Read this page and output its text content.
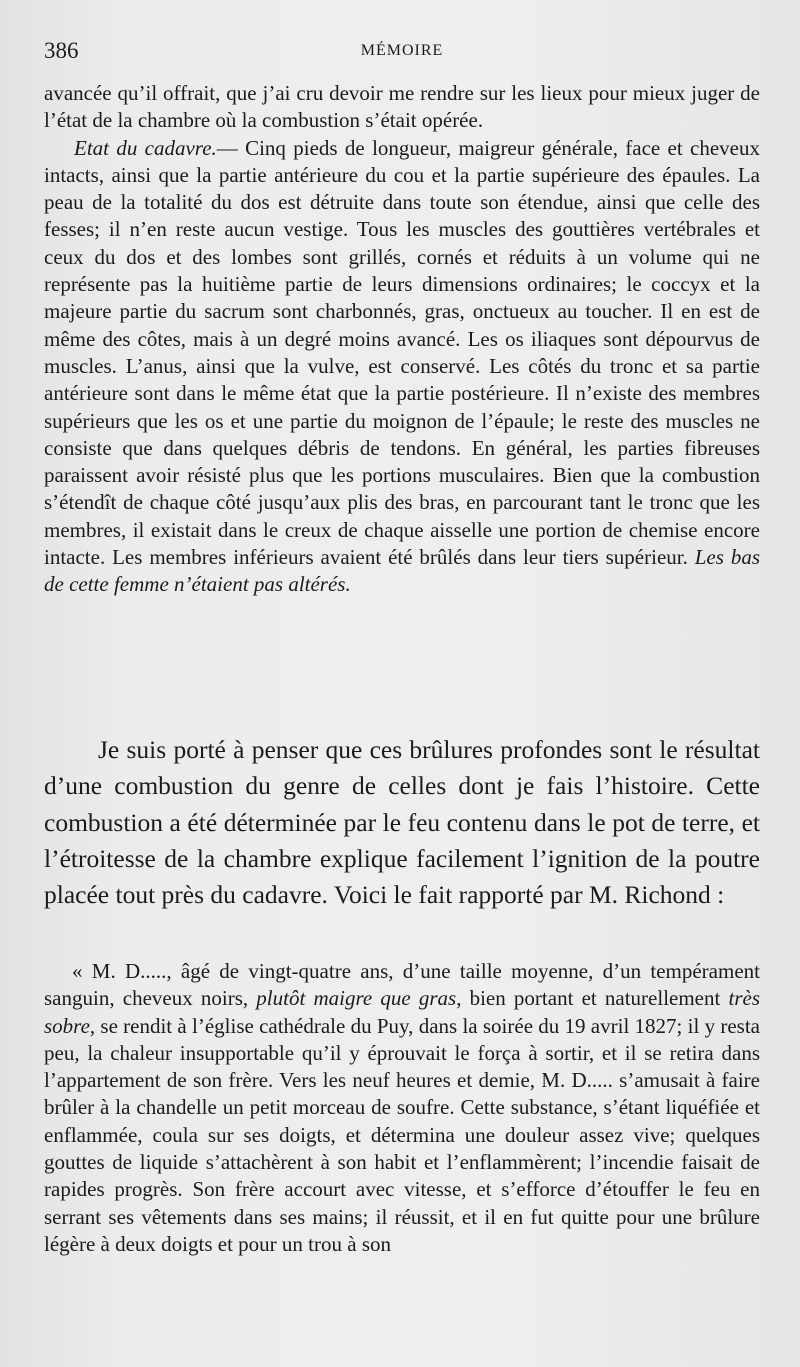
386	MÉMOIRE

avancée qu’il offrait, que j’ai cru devoir me rendre sur les lieux pour mieux juger de l’état de la chambre où la combustion s’était opérée.

Etat du cadavre.— Cinq pieds de longueur, maigreur générale, face et cheveux intacts, ainsi que la partie antérieure du cou et la partie supérieure des épaules. La peau de la totalité du dos est détruite dans toute son étendue, ainsi que celle des fesses; il n’en reste aucun vestige. Tous les muscles des gouttières vertébrales et ceux du dos et des lombes sont grillés, cornés et réduits à un volume qui ne représente pas la huitième partie de leurs dimensions ordinaires; le coccyx et la majeure partie du sacrum sont charbonnés, gras, onctueux au toucher. Il en est de même des côtes, mais à un degré moins avancé. Les os iliaques sont dépourvus de muscles. L’anus, ainsi que la vulve, est conservé. Les côtés du tronc et sa partie antérieure sont dans le même état que la partie postérieure. Il n’existe des membres supérieurs que les os et une partie du moignon de l’épaule; le reste des muscles ne consiste que dans quelques débris de tendons. En général, les parties fibreuses paraissent avoir résisté plus que les portions musculaires. Bien que la combustion s’étendît de chaque côté jusqu’aux plis des bras, en parcourant tant le tronc que les membres, il existait dans le creux de chaque aisselle une portion de chemise encore intacte. Les membres inférieurs avaient été brûlés dans leur tiers supérieur. Les bas de cette femme n’étaient pas altérés.

Je suis porté à penser que ces brûlures profondes sont le résultat d’une combustion du genre de celles dont je fais l’histoire. Cette combustion a été déterminée par le feu contenu dans le pot de terre, et l’étroitesse de la chambre explique facilement l’ignition de la poutre placée tout près du cadavre. Voici le fait rapporté par M. Richond :

« M. D....., âgé de vingt-quatre ans, d’une taille moyenne, d’un tempérament sanguin, cheveux noirs, plutôt maigre que gras, bien portant et naturellement très sobre, se rendit à l’église cathédrale du Puy, dans la soirée du 19 avril 1827; il y resta peu, la chaleur insupportable qu’il y éprouvait le força à sortir, et il se retira dans l’appartement de son frère. Vers les neuf heures et demie, M. D..... s’amusait à faire brûler à la chandelle un petit morceau de soufre. Cette substance, s’étant liquéfiée et enflammée, coula sur ses doigts, et détermina une douleur assez vive; quelques gouttes de liquide s’attachèrent à son habit et l’enflammèrent; l’incendie faisait de rapides progrès. Son frère accourt avec vitesse, et s’efforce d’étouffer le feu en serrant ses vêtements dans ses mains; il réussit, et il en fut quitte pour une brûlure légère à deux doigts et pour un trou à son
